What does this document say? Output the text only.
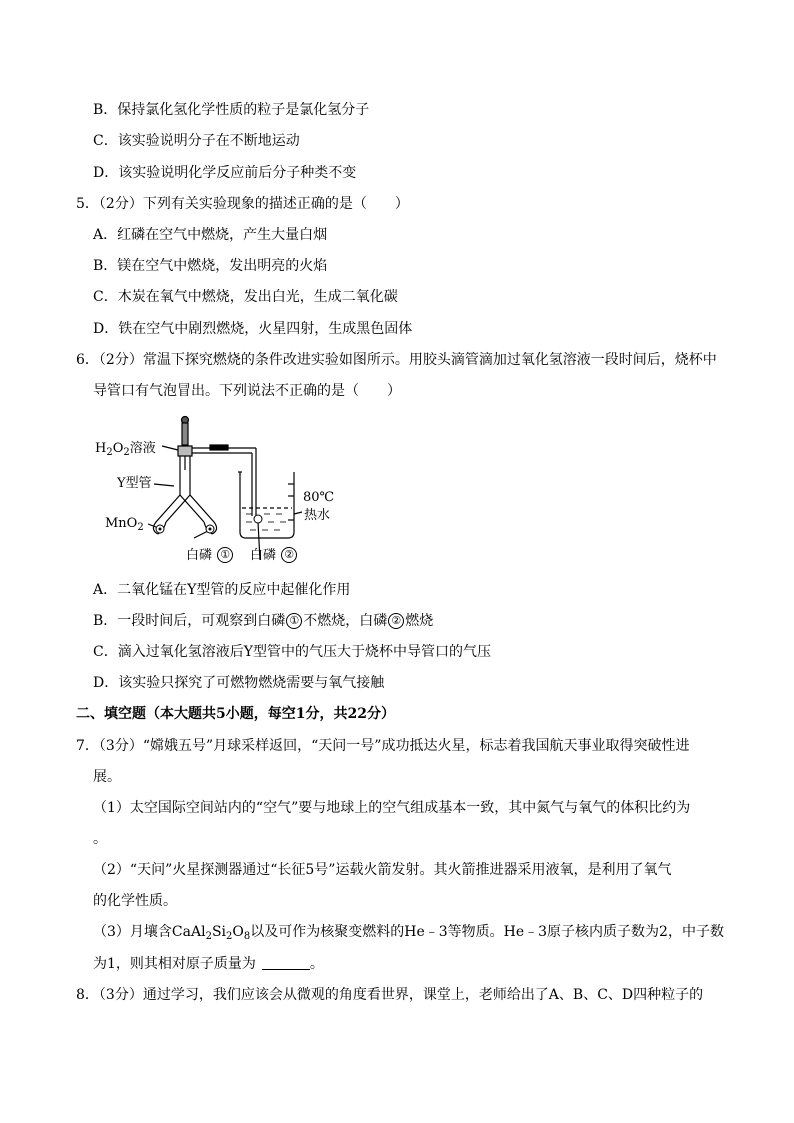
B．保持氯化氢化学性质的粒子是氯化氢分子
C．该实验说明分子在不断地运动
D．该实验说明化学反应前后分子种类不变
5．（2分）下列有关实验现象的描述正确的是（　　）
A．红磷在空气中燃烧，产生大量白烟
B．镁在空气中燃烧，发出明亮的火焰
C．木炭在氧气中燃烧，发出白光，生成二氧化碳
D．铁在空气中剧烈燃烧，火星四射，生成黑色固体
6．（2分）常温下探究燃烧的条件改进实验如图所示。用胶头滴管滴加过氧化氢溶液一段时间后，烧杯中
导管口有气泡冒出。下列说法不正确的是（　　）
$H_2O_2$溶液
Y型管
MnO$_2$
80℃
热水
白磷 ①	白磷 ②
A．二氧化锰在Y型管的反应中起催化作用
B．一段时间后，可观察到白磷 ① 不燃烧，白磷 ② 燃烧
C．滴入过氧化氢溶液后Y型管中的气压大于烧杯中导管口的气压
D．该实验只探究了可燃物燃烧需要与氧气接触
二、填空题（本大题共5小题，每空1分，共22分）
7．（3分）“嫦娥五号”月球采样返回，“天问一号”成功抵达火星，标志着我国航天事业取得突破性进
展。
（1）太空国际空间站内的“空气”要与地球上的空气组成基本一致，其中氮气与氧气的体积比约为
。
（2）“天问”火星探测器通过“长征5号”运载火箭发射。其火箭推进器采用液氧，是利用了氧气
的化学性质。
（3）月壤含$CaAl_2Si_2O_8$以及可作为核聚变燃料的He﹣3等物质。He﹣3原子核内质子数为2，中子数
为1，则其相对原子质量为	。
8．（3分）通过学习，我们应该会从微观的角度看世界，课堂上，老师给出了A、B、C、D四种粒子的
